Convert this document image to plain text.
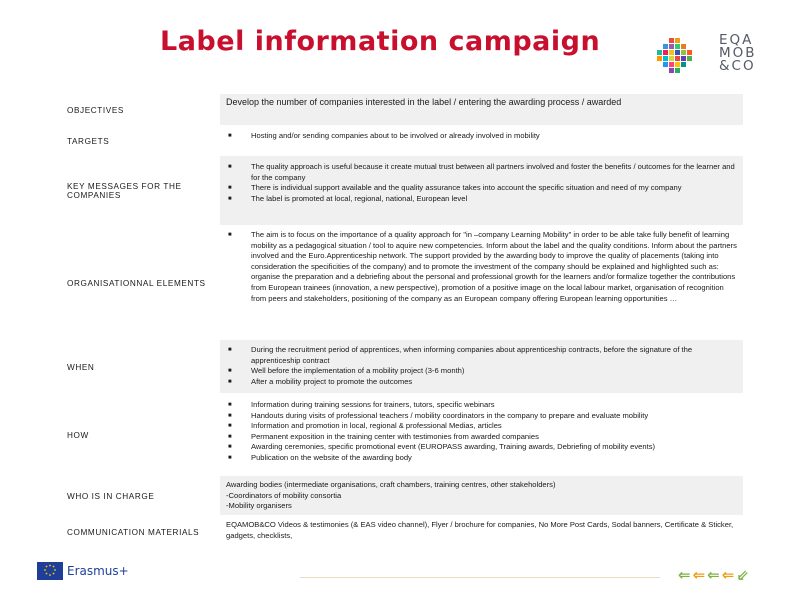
Label information campaign	EQA
MOB
&CO
OBJECTIVES
Develop the number of companies interested in the label / entering the awarding process / awarded
TARGETS
■	Hosting and/or sending companies about to be involved or already involved in mobility
KEY MESSAGES FOR THE COMPANIES
■	The quality approach is useful because it create mutual trust between all partners involved and foster the benefits / outcomes for the learner and for the company
■	There is individual support available and the quality assurance takes into account the specific situation and need of my company
■	The label is promoted at local, regional, national, European level
ORGANISATIONNAL ELEMENTS
■	The aim is to focus on the importance of a quality approach for "in –company Learning Mobility" in order to be able take fully benefit of learning mobility as a pedagogical situation / tool to aquire new competencies. Inform about the label and the quality conditions. Inform about the partners involved and the Euro.Apprenticeship network. The support provided by the awarding body to improve the quality of placements (taking into consideration the specificities of the company) and to promote the investment of the company should be explained and highlighted such as: organise the preparation and a debriefing about the personal and professional growth for the learners and/or formalize together the contributions from European trainees (innovation, a new perspective), promotion of a positive image on the local labour market, organisation of recognition from peers and stakeholders, positioning of the company as an European company offering European learning opportunities …
WHEN
■	During the recruitment period of apprentices, when informing companies about apprenticeship contracts, before the signature of the apprenticeship contract
■	Well before the implementation of a mobility project (3-6 month)
■	After a mobility project to promote the outcomes
HOW
■	Information during training sessions for trainers, tutors, specific webinars
■	Handouts during visits of professional teachers / mobility coordinators in the company to prepare and evaluate mobility
■	Information and promotion in local, regional & professional Medias, articles
■	Permanent exposition in the training center with testimonies from awarded companies
■	Awarding ceremonies, specific promotional event (EUROPASS awarding, Training awards, Debriefing of mobility events)
■	Publication on the website of the awarding body
WHO IS IN CHARGE
Awarding bodies (intermediate organisations, craft chambers, training centres, other stakeholders)
-Coordinators of mobility consortia
-Mobility organisers
COMMUNICATION MATERIALS
EQAMOB&CO Videos & testimonies (& EAS video channel), Flyer / brochure for companies, No More Post Cards, Sodal banners, Certificate & Sticker, gadgets, checklists,
Erasmus+	⇐ ⇐ ⇐ ⇐ ⇙
